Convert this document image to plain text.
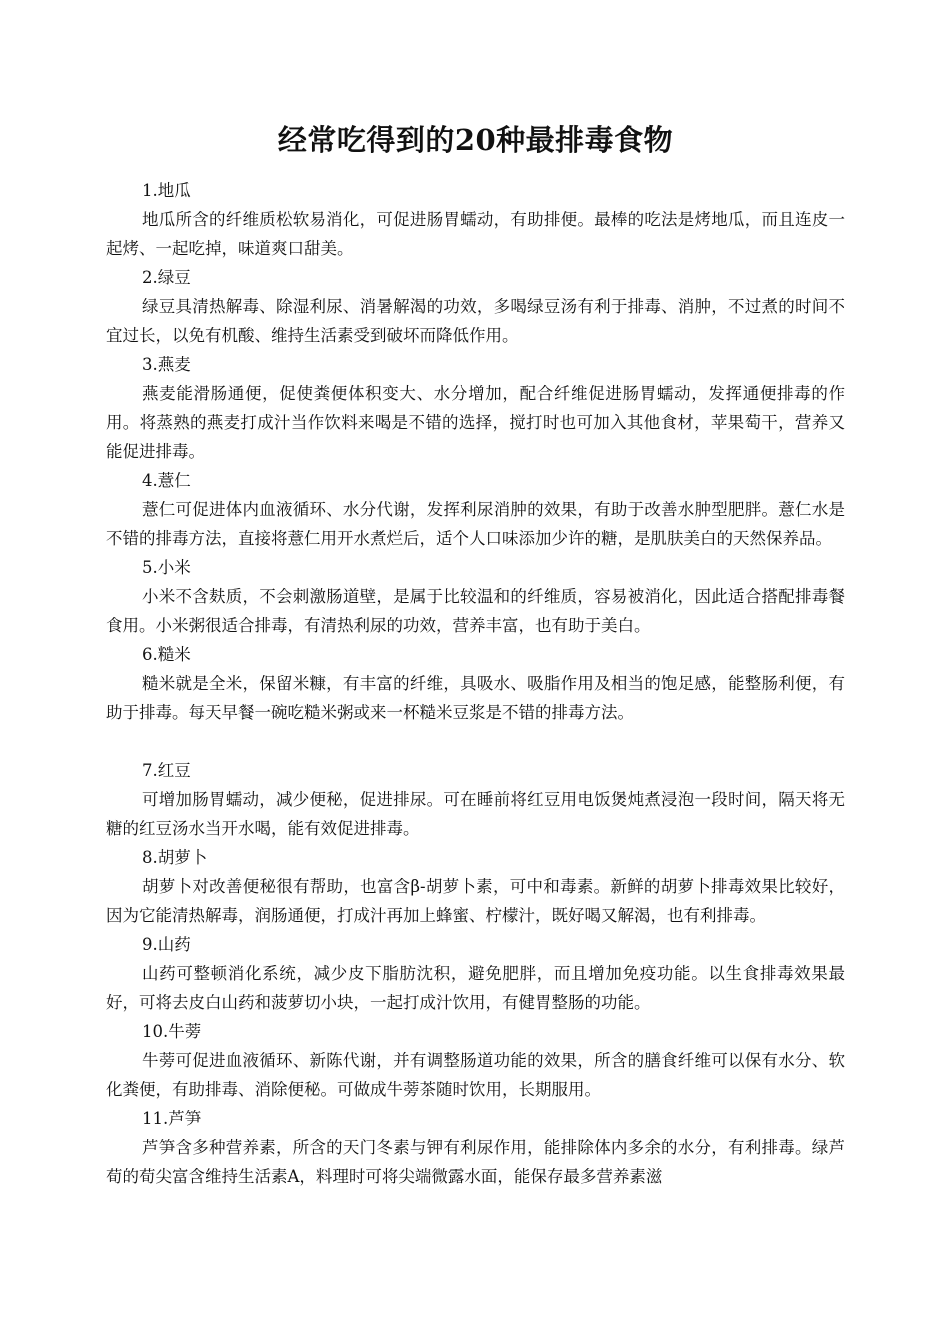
经常吃得到的20种最排毒食物

1.地瓜

地瓜所含的纤维质松软易消化，可促进肠胃蠕动，有助排便。最棒的吃法是烤地瓜，而且连皮一起烤、一起吃掉，味道爽口甜美。

2.绿豆

绿豆具清热解毒、除湿利尿、消暑解渴的功效，多喝绿豆汤有利于排毒、消肿，不过煮的时间不宜过长，以免有机酸、维持生活素受到破坏而降低作用。

3.燕麦

燕麦能滑肠通便，促使粪便体积变大、水分增加，配合纤维促进肠胃蠕动，发挥通便排毒的作用。将蒸熟的燕麦打成汁当作饮料来喝是不错的选择，搅打时也可加入其他食材，苹果萄干，营养又能促进排毒。

4.薏仁

薏仁可促进体内血液循环、水分代谢，发挥利尿消肿的效果，有助于改善水肿型肥胖。薏仁水是不错的排毒方法，直接将薏仁用开水煮烂后，适个人口味添加少许的糖，是肌肤美白的天然保养品。

5.小米

小米不含麸质，不会刺激肠道壁，是属于比较温和的纤维质，容易被消化，因此适合搭配排毒餐食用。小米粥很适合排毒，有清热利尿的功效，营养丰富，也有助于美白。

6.糙米

糙米就是全米，保留米糠，有丰富的纤维，具吸水、吸脂作用及相当的饱足感，能整肠利便，有助于排毒。每天早餐一碗吃糙米粥或来一杯糙米豆浆是不错的排毒方法。

7.红豆

可增加肠胃蠕动，减少便秘，促进排尿。可在睡前将红豆用电饭煲炖煮浸泡一段时间，隔天将无糖的红豆汤水当开水喝，能有效促进排毒。

8.胡萝卜

胡萝卜对改善便秘很有帮助，也富含β-胡萝卜素，可中和毒素。新鲜的胡萝卜排毒效果比较好，因为它能清热解毒，润肠通便，打成汁再加上蜂蜜、柠檬汁，既好喝又解渴，也有利排毒。

9.山药

山药可整顿消化系统，减少皮下脂肪沈积，避免肥胖，而且增加免疫功能。以生食排毒效果最好，可将去皮白山药和菠萝切小块，一起打成汁饮用，有健胃整肠的功能。

10.牛蒡

牛蒡可促进血液循环、新陈代谢，并有调整肠道功能的效果，所含的膳食纤维可以保有水分、软化粪便，有助排毒、消除便秘。可做成牛蒡茶随时饮用，长期服用。

11.芦笋

芦笋含多种营养素，所含的天门冬素与钾有利尿作用，能排除体内多余的水分，有利排毒。绿芦荀的荀尖富含维持生活素A，料理时可将尖端微露水面，能保存最多营养素滋
